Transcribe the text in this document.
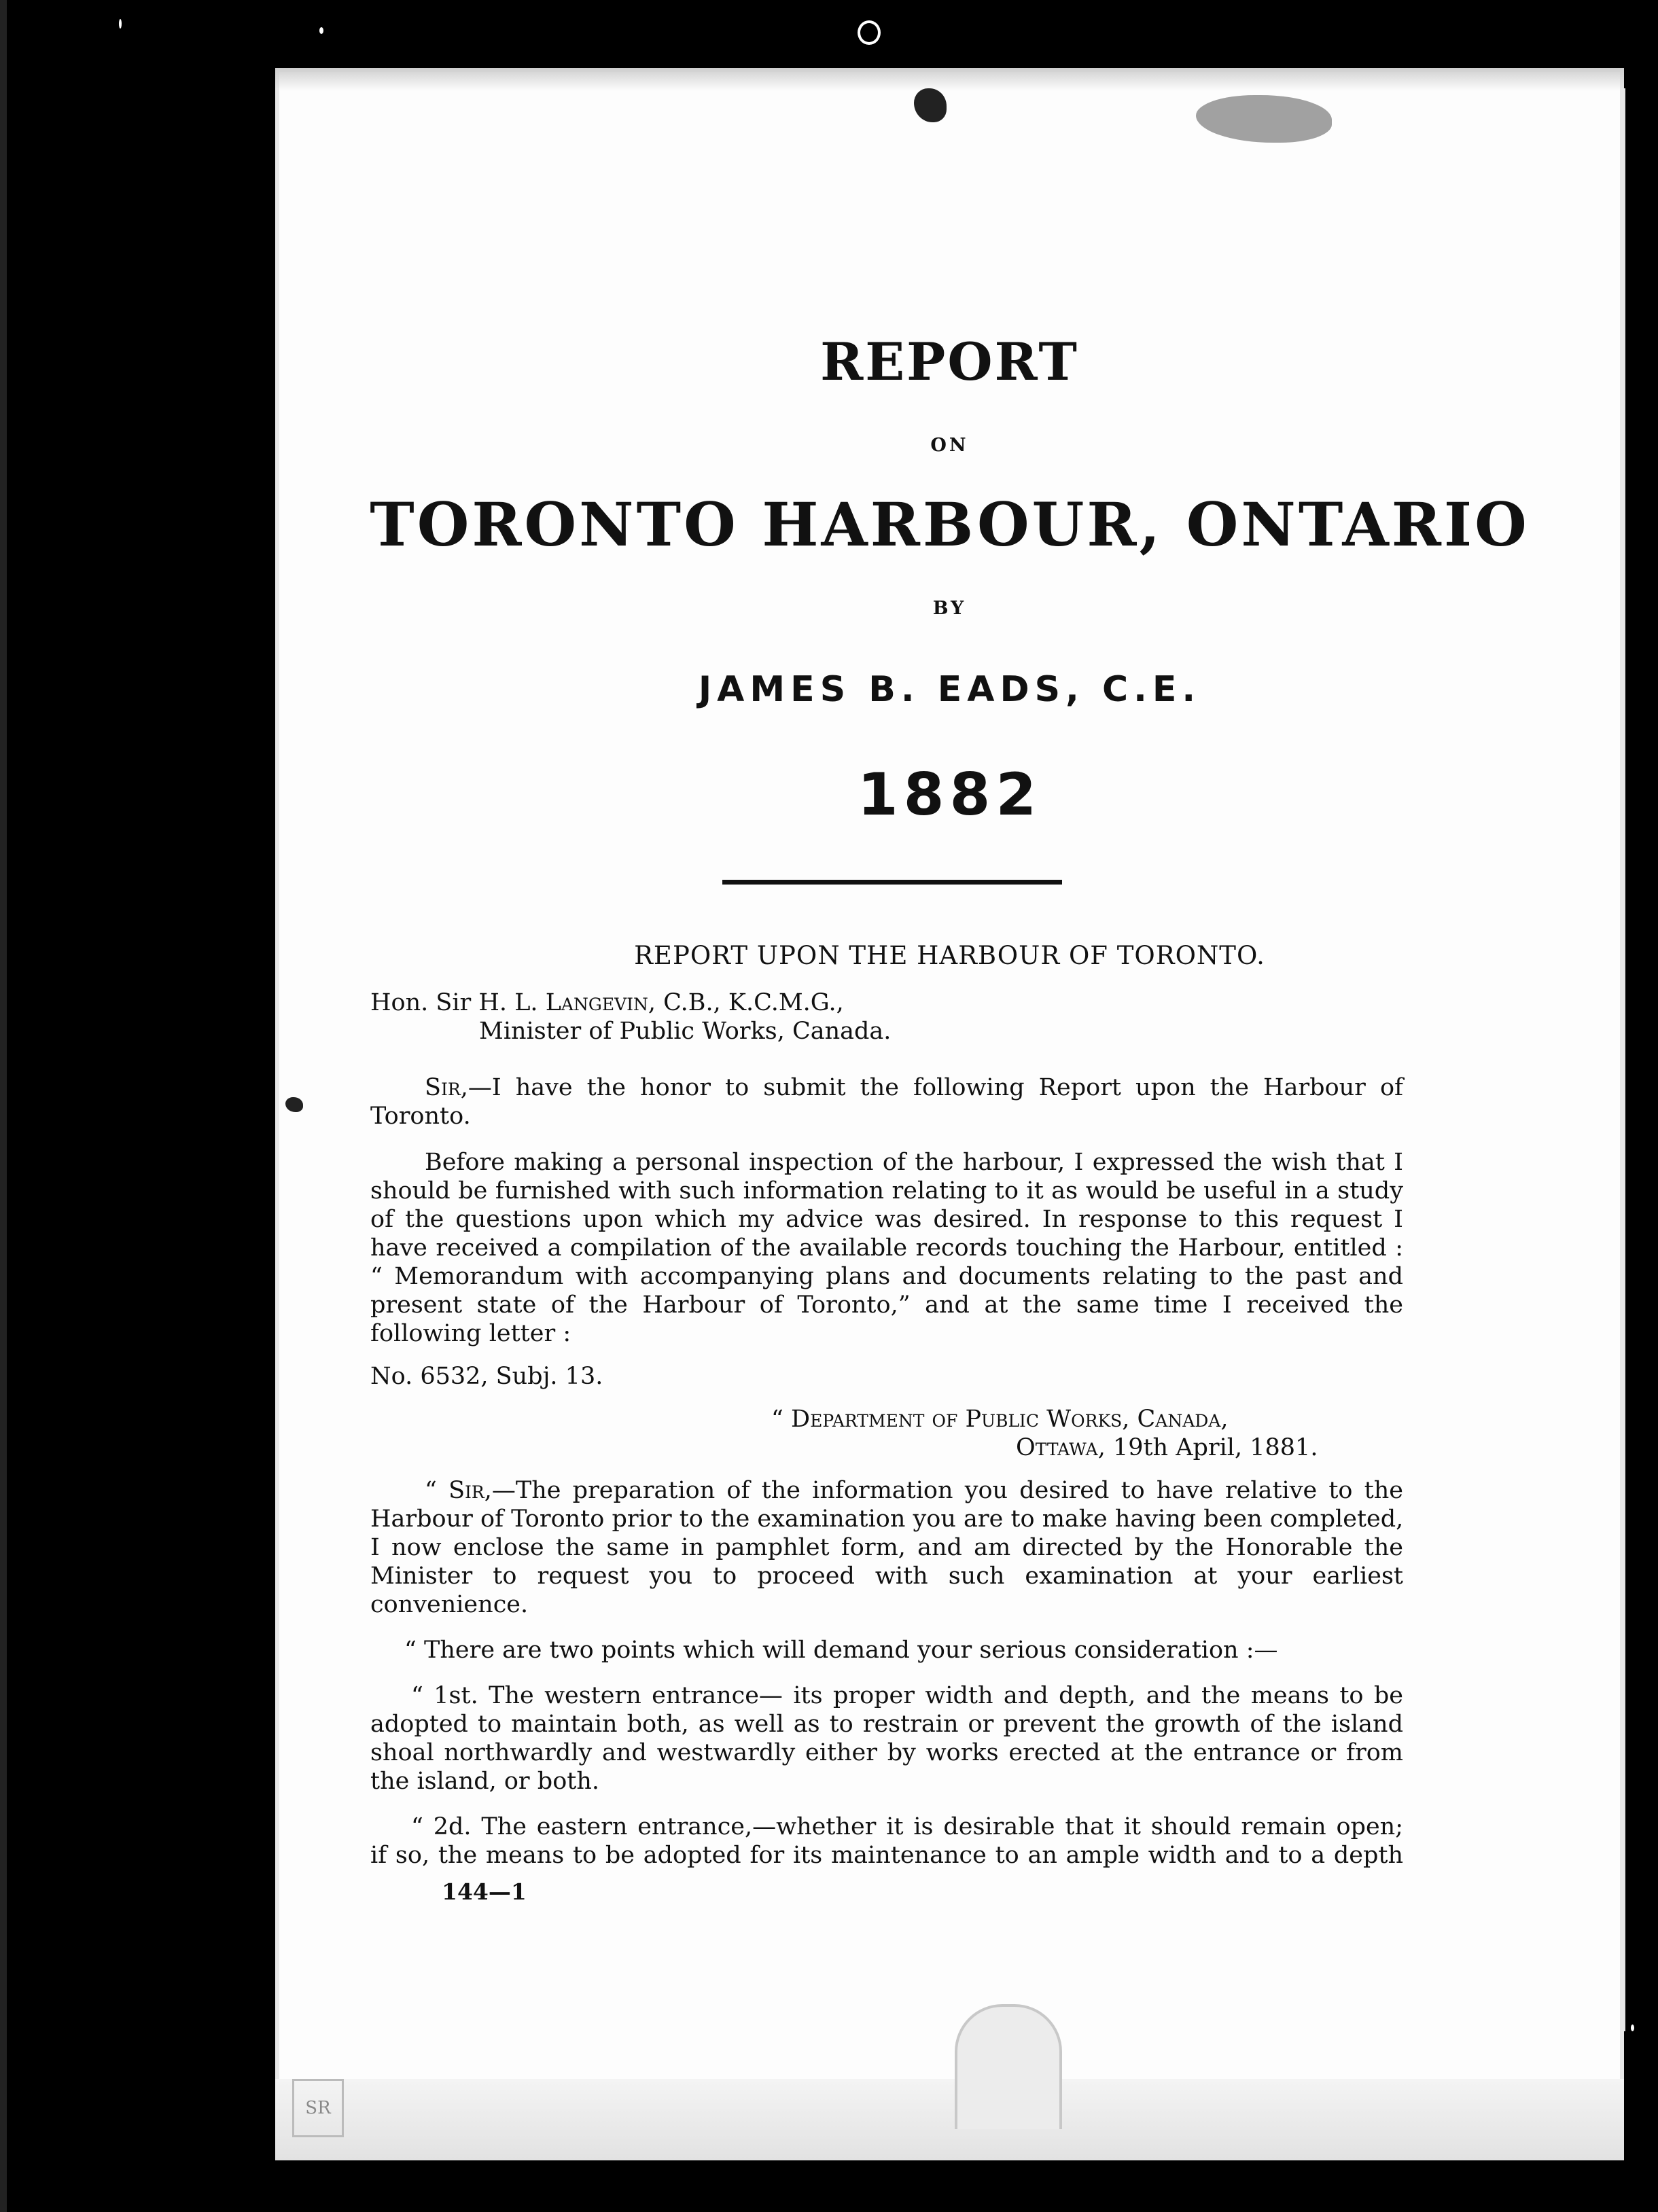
SR
REPORT
ON
TORONTO HARBOUR, ONTARIO
BY
JAMES B. EADS, C.E.
1882
REPORT UPON THE HARBOUR OF TORONTO.
Hon. Sir H. L. Langevin, C.B., K.C.M.G.,
Minister of Public Works, Canada.
Sir,—I have the honor to submit the following Report upon the Harbour of
Toronto.
Before making a personal inspection of the harbour, I expressed the wish that I
should be furnished with such information relating to it as would be useful in a study
of the questions upon which my advice was desired. In response to this request I
have received a compilation of the available records touching the Harbour, entitled :
“ Memorandum with accompanying plans and documents relating to the past and
present state of the Harbour of Toronto,” and at the same time I received the
following letter :
No. 6532, Subj. 13.
“ Department of Public Works, Canada,
Ottawa, 19th April, 1881.
“ Sir,—The preparation of the information you desired to have relative to the
Harbour of Toronto prior to the examination you are to make having been completed,
I now enclose the same in pamphlet form, and am directed by the Honorable the
Minister to request you to proceed with such examination at your earliest
convenience.
“ There are two points which will demand your serious consideration :—
“ 1st. The western entrance— its proper width and depth, and the means to be
adopted to maintain both, as well as to restrain or prevent the growth of the island
shoal northwardly and westwardly either by works erected at the entrance or from
the island, or both.
“ 2d. The eastern entrance,—whether it is desirable that it should remain open;
if so, the means to be adopted for its maintenance to an ample width and to a depth
144—1
